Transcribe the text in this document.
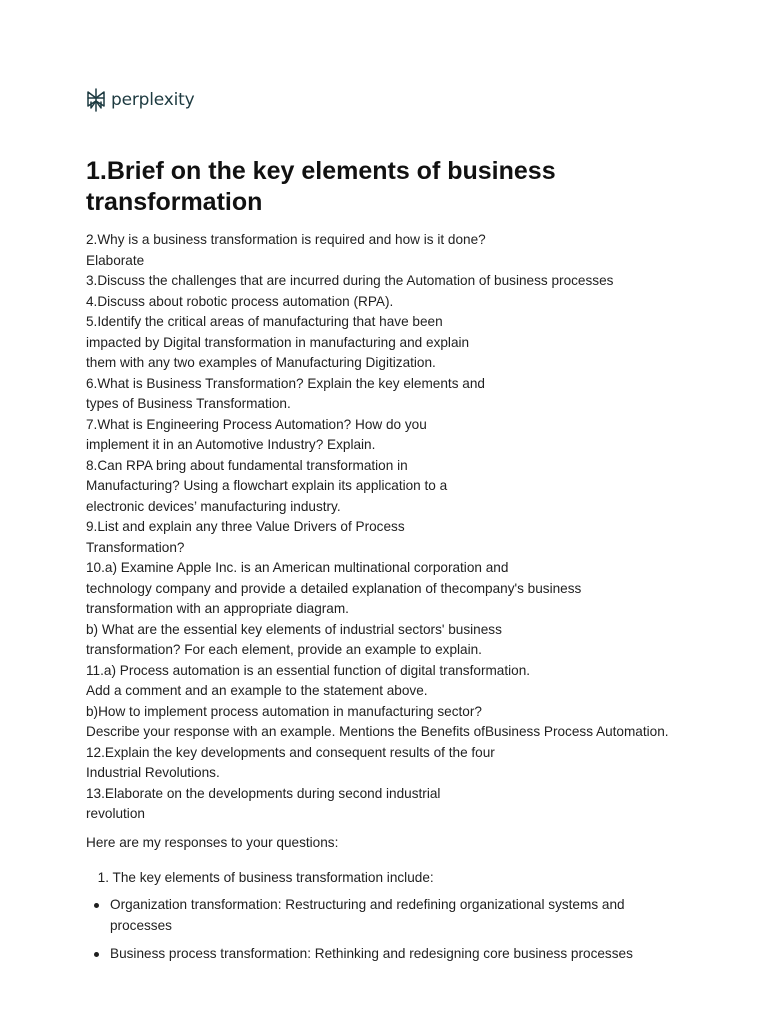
perplexity
1.Brief on the key elements of business transformation
2.Why is a business transformation is required and how is it done?
Elaborate
3.Discuss the challenges that are incurred during the Automation of business processes
4.Discuss about robotic process automation (RPA).
5.Identify the critical areas of manufacturing that have been
impacted by Digital transformation in manufacturing and explain
them with any two examples of Manufacturing Digitization.
6.What is Business Transformation? Explain the key elements and
types of Business Transformation.
7.What is Engineering Process Automation? How do you
implement it in an Automotive Industry? Explain.
8.Can RPA bring about fundamental transformation in
Manufacturing? Using a flowchart explain its application to a
electronic devices’ manufacturing industry.
9.List and explain any three Value Drivers of Process
Transformation?
10.a) Examine Apple Inc. is an American multinational corporation and
technology company and provide a detailed explanation of thecompany's business
transformation with an appropriate diagram.
b) What are the essential key elements of industrial sectors' business
transformation? For each element, provide an example to explain.
11.a) Process automation is an essential function of digital transformation.
Add a comment and an example to the statement above.
b)How to implement process automation in manufacturing sector?
Describe your response with an example. Mentions the Benefits ofBusiness Process Automation.
12.Explain the key developments and consequent results of the four
Industrial Revolutions.
13.Elaborate on the developments during second industrial
revolution

Here are my responses to your questions:

1. The key elements of business transformation include:
Organization transformation: Restructuring and redefining organizational systems and processes
Business process transformation: Rethinking and redesigning core business processes
